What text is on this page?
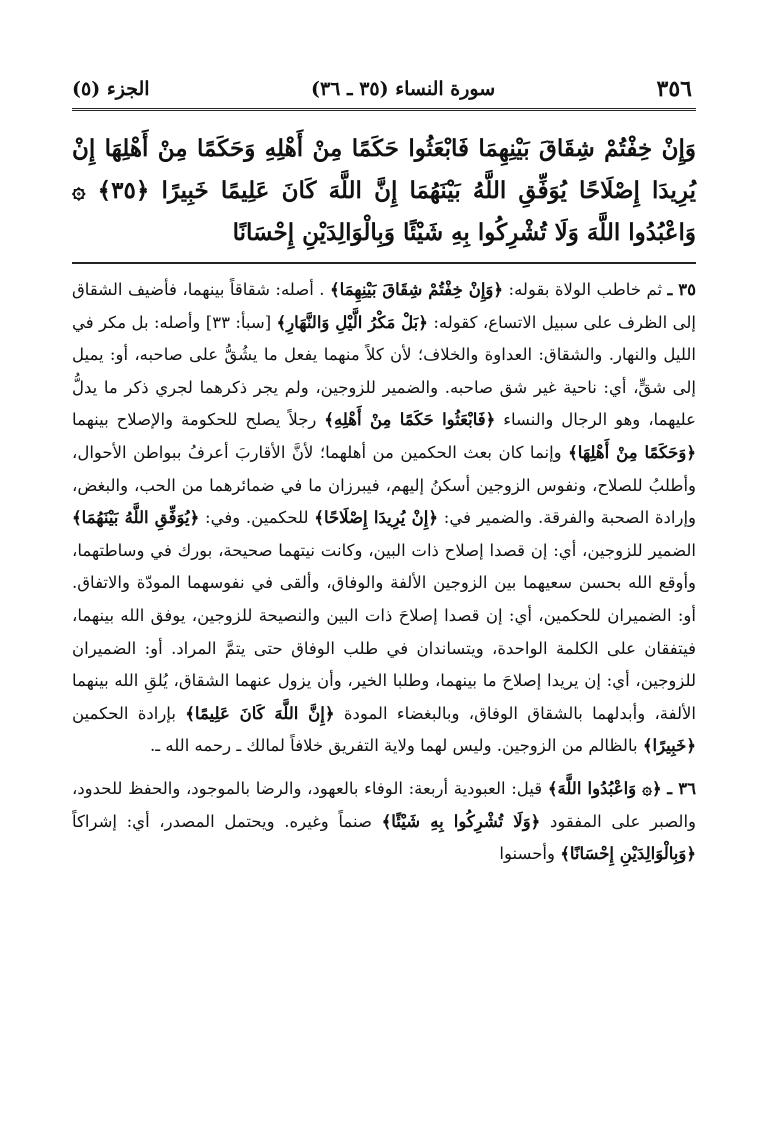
٣٥٦
سورة النساء (٣٥ ـ ٣٦)
الجزء (٥)
وَإِنْ خِفْتُمْ شِقَاقَ بَيْنِهِمَا فَابْعَثُوا حَكَمًا مِنْ أَهْلِهِ وَحَكَمًا مِنْ أَهْلِهَا إِنْ يُرِيدَا إِصْلَاحًا يُوَفِّقِ اللَّهُ بَيْنَهُمَا إِنَّ اللَّهَ كَانَ عَلِيمًا خَبِيرًا ﴿٣٥﴾ ۞ وَاعْبُدُوا اللَّهَ وَلَا تُشْرِكُوا بِهِ شَيْئًا وَبِالْوَالِدَيْنِ إِحْسَانًا

٣٥ ـ ثم خاطب الولاة بقوله: ﴿وَإِنْ خِفْتُمْ شِقَاقَ بَيْنِهِمَا﴾ . أصله: شقاقاً بينهما، فأضيف الشقاق إلى الظرف على سبيل الاتساع، كقوله: ﴿بَلْ مَكْرُ الَّيْلِ وَالنَّهَارِ﴾ [سبأ: ٣٣] وأصله: بل مكر في الليل والنهار. والشقاق: العداوة والخلاف؛ لأن كلاً منهما يفعل ما يشُقُّ على صاحبه، أو: يميل إلى شقٍّ، أي: ناحية غير شق صاحبه. والضمير للزوجين، ولم يجر ذكرهما لجري ذكر ما يدلُّ عليهما، وهو الرجال والنساء ﴿فَابْعَثُوا حَكَمًا مِنْ أَهْلِهِ﴾ رجلاً يصلح للحكومة والإصلاح بينهما ﴿وَحَكَمًا مِنْ أَهْلِهَا﴾ وإنما كان بعث الحكمين من أهلهما؛ لأنَّ الأقاربَ أعرفُ ببواطن الأحوال، وأطلبُ للصلاح، ونفوس الزوجين أسكنُ إليهم، فيبرزان ما في ضمائرهما من الحب، والبغض، وإرادة الصحبة والفرقة. والضمير في: ﴿إِنْ يُرِيدَا إِصْلَاحًا﴾ للحكمين. وفي: ﴿يُوَفِّقِ اللَّهُ بَيْنَهُمَا﴾ الضمير للزوجين، أي: إن قصدا إصلاح ذات البين، وكانت نيتهما صحيحة، بورك في وساطتهما، وأوقع الله بحسن سعيهما بين الزوجين الألفة والوفاق، وألقى في نفوسهما المودّة والاتفاق. أو: الضميران للحكمين، أي: إن قصدا إصلاحَ ذات البين والنصيحة للزوجين، يوفق الله بينهما، فيتفقان على الكلمة الواحدة، ويتساندان في طلب الوفاق حتى يتمَّ المراد. أو: الضميران للزوجين، أي: إن يريدا إصلاحَ ما بينهما، وطلبا الخير، وأن يزول عنهما الشقاق، يُلقِ الله بينهما الألفة، وأبدلهما بالشقاق الوفاق، وبالبغضاء المودة ﴿إِنَّ اللَّهَ كَانَ عَلِيمًا﴾ بإرادة الحكمين ﴿خَبِيرًا﴾ بالظالم من الزوجين. وليس لهما ولاية التفريق خلافاً لمالك ـ رحمه الله ـ.

٣٦ ـ ﴿۞ وَاعْبُدُوا اللَّهَ﴾ قيل: العبودية أربعة: الوفاء بالعهود، والرضا بالموجود، والحفظ للحدود، والصبر على المفقود ﴿وَلَا تُشْرِكُوا بِهِ شَيْئًا﴾ صنماً وغيره. ويحتمل المصدر، أي: إشراكاً ﴿وَبِالْوَالِدَيْنِ إِحْسَانًا﴾ وأحسنوا
